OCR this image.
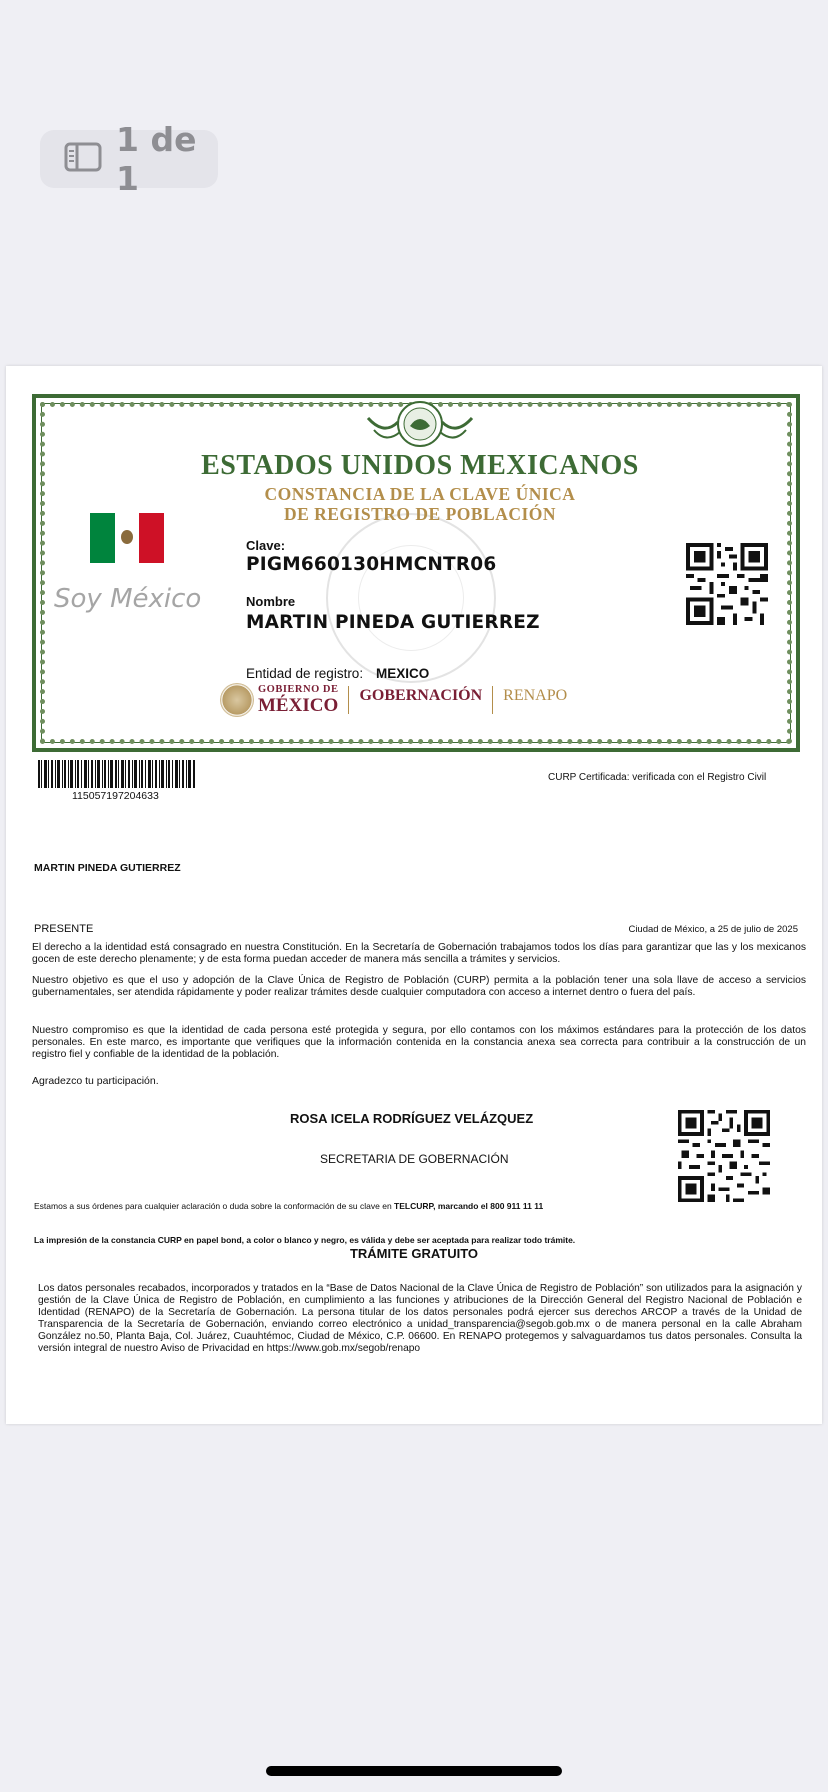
1 de 1
ESTADOS UNIDOS MEXICANOS
CONSTANCIA DE LA CLAVE ÚNICA
DE REGISTRO DE POBLACIÓN
Soy México
Clave:
PIGM660130HMCNTR06
Nombre
MARTIN PINEDA GUTIERREZ
Entidad de registro: MEXICO
GOBIERNO DE
MÉXICO GOBERNACIÓN
RENAPO

115057197204633
CURP Certificada: verificada con el Registro Civil
MARTIN PINEDA GUTIERREZ
PRESENTE	Ciudad de México, a 25 de julio de 2025
El derecho a la identidad está consagrado en nuestra Constitución. En la Secretaría de Gobernación trabajamos todos los días para garantizar que las y los mexicanos gocen de este derecho plenamente; y de esta forma puedan acceder de manera más sencilla a trámites y servicios.
Nuestro objetivo es que el uso y adopción de la Clave Única de Registro de Población (CURP) permita a la población tener una sola llave de acceso a servicios gubernamentales, ser atendida rápidamente y poder realizar trámites desde cualquier computadora con acceso a internet dentro o fuera del país.
Nuestro compromiso es que la identidad de cada persona esté protegida y segura, por ello contamos con los máximos estándares para la protección de los datos personales. En este marco, es importante que verifiques que la información contenida en la constancia anexa sea correcta para contribuir a la construcción de un registro fiel y confiable de la identidad de la población.
Agradezco tu participación.
ROSA ICELA RODRÍGUEZ VELÁZQUEZ
SECRETARIA DE GOBERNACIÓN
Estamos a sus órdenes para cualquier aclaración o duda sobre la conformación de su clave en TELCURP, marcando el 800 911 11 11
La impresión de la constancia CURP en papel bond, a color o blanco y negro, es válida y debe ser aceptada para realizar todo trámite.
TRÁMITE GRATUITO
Los datos personales recabados, incorporados y tratados en la “Base de Datos Nacional de la Clave Única de Registro de Población” son utilizados para la asignación y gestión de la Clave Única de Registro de Población, en cumplimiento a las funciones y atribuciones de la Dirección General del Registro Nacional de Población e Identidad (RENAPO) de la Secretaría de Gobernación. La persona titular de los datos personales podrá ejercer sus derechos ARCOP a través de la Unidad de Transparencia de la Secretaría de Gobernación, enviando correo electrónico a unidad_transparencia@segob.gob.mx o de manera personal en la calle Abraham González no.50, Planta Baja, Col. Juárez, Cuauhtémoc, Ciudad de México, C.P. 06600. En RENAPO protegemos y salvaguardamos tus datos personales. Consulta la versión integral de nuestro Aviso de Privacidad en https://www.gob.mx/segob/renapo
